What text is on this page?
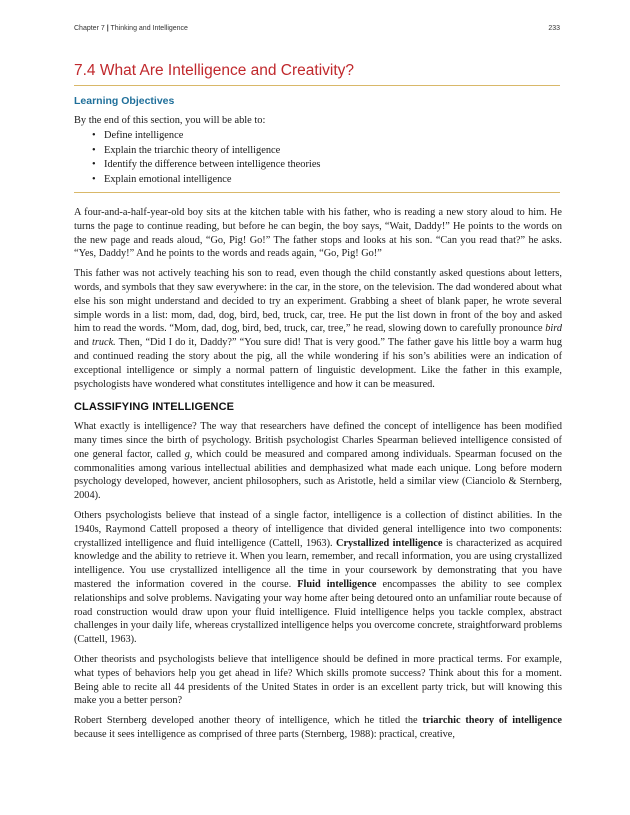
Chapter 7 | Thinking and Intelligence	233
7.4 What Are Intelligence and Creativity?
Learning Objectives
By the end of this section, you will be able to:
• Define intelligence
• Explain the triarchic theory of intelligence
• Identify the difference between intelligence theories
• Explain emotional intelligence

A four-and-a-half-year-old boy sits at the kitchen table with his father, who is reading a new story aloud to him. He turns the page to continue reading, but before he can begin, the boy says, “Wait, Daddy!” He points to the words on the new page and reads aloud, “Go, Pig! Go!” The father stops and looks at his son. “Can you read that?” he asks. “Yes, Daddy!” And he points to the words and reads again, “Go, Pig! Go!”

This father was not actively teaching his son to read, even though the child constantly asked questions about letters, words, and symbols that they saw everywhere: in the car, in the store, on the television. The dad wondered about what else his son might understand and decided to try an experiment. Grabbing a sheet of blank paper, he wrote several simple words in a list: mom, dad, dog, bird, bed, truck, car, tree. He put the list down in front of the boy and asked him to read the words. “Mom, dad, dog, bird, bed, truck, car, tree,” he read, slowing down to carefully pronounce bird and truck. Then, “Did I do it, Daddy?” “You sure did! That is very good.” The father gave his little boy a warm hug and continued reading the story about the pig, all the while wondering if his son’s abilities were an indication of exceptional intelligence or simply a normal pattern of linguistic development. Like the father in this example, psychologists have wondered what constitutes intelligence and how it can be measured.

CLASSIFYING INTELLIGENCE

What exactly is intelligence? The way that researchers have defined the concept of intelligence has been modified many times since the birth of psychology. British psychologist Charles Spearman believed intelligence consisted of one general factor, called g, which could be measured and compared among individuals. Spearman focused on the commonalities among various intellectual abilities and demphasized what made each unique. Long before modern psychology developed, however, ancient philosophers, such as Aristotle, held a similar view (Cianciolo & Sternberg, 2004).

Others psychologists believe that instead of a single factor, intelligence is a collection of distinct abilities. In the 1940s, Raymond Cattell proposed a theory of intelligence that divided general intelligence into two components: crystallized intelligence and fluid intelligence (Cattell, 1963). Crystallized intelligence is characterized as acquired knowledge and the ability to retrieve it. When you learn, remember, and recall information, you are using crystallized intelligence. You use crystallized intelligence all the time in your coursework by demonstrating that you have mastered the information covered in the course. Fluid intelligence encompasses the ability to see complex relationships and solve problems. Navigating your way home after being detoured onto an unfamiliar route because of road construction would draw upon your fluid intelligence. Fluid intelligence helps you tackle complex, abstract challenges in your daily life, whereas crystallized intelligence helps you overcome concrete, straightforward problems (Cattell, 1963).

Other theorists and psychologists believe that intelligence should be defined in more practical terms. For example, what types of behaviors help you get ahead in life? Which skills promote success? Think about this for a moment. Being able to recite all 44 presidents of the United States in order is an excellent party trick, but will knowing this make you a better person?

Robert Sternberg developed another theory of intelligence, which he titled the triarchic theory of intelligence because it sees intelligence as comprised of three parts (Sternberg, 1988): practical, creative,
